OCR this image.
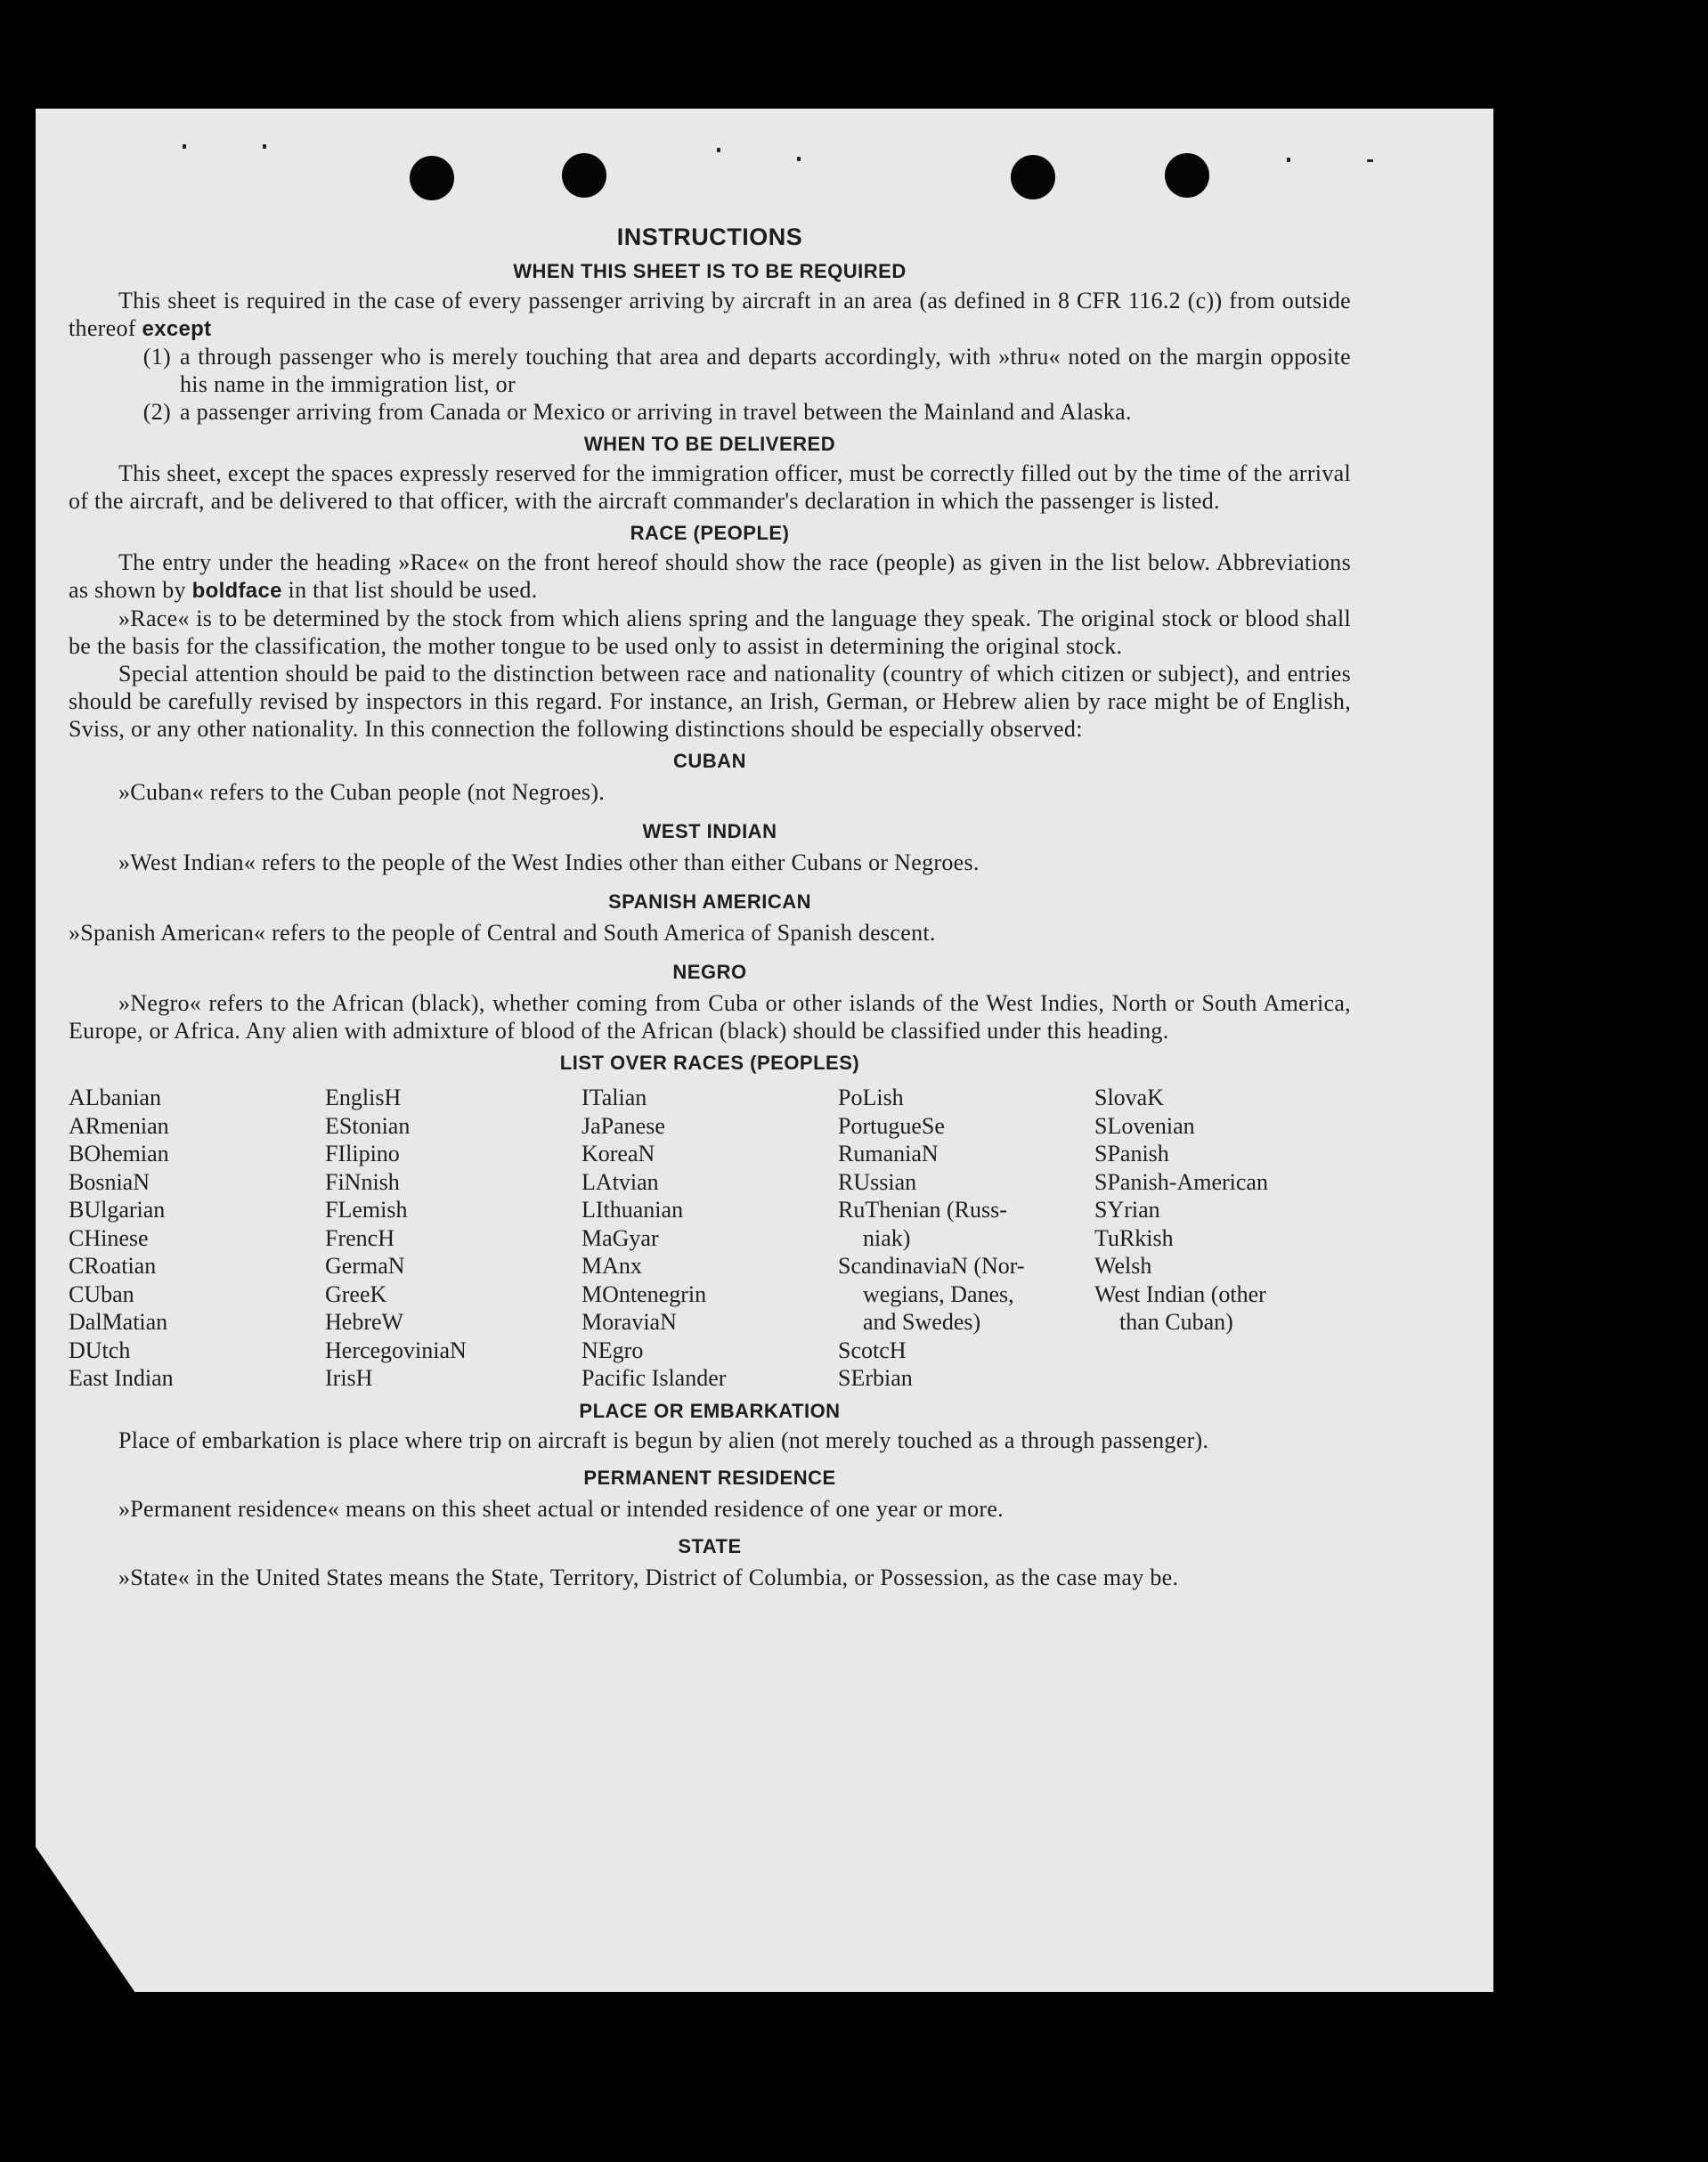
INSTRUCTIONS
WHEN THIS SHEET IS TO BE REQUIRED

This sheet is required in the case of every passenger arriving by aircraft in an area (as defined in 8 CFR 116.2 (c)) from outside thereof except

(1) a through passenger who is merely touching that area and departs accordingly, with »thru« noted on the margin opposite his name in the immigration list, or
(2) a passenger arriving from Canada or Mexico or arriving in travel between the Mainland and Alaska.
WHEN TO BE DELIVERED

This sheet, except the spaces expressly reserved for the immigration officer, must be correctly filled out by the time of the arrival of the aircraft, and be delivered to that officer, with the aircraft commander's declaration in which the passenger is listed.

RACE (PEOPLE)

The entry under the heading »Race« on the front hereof should show the race (people) as given in the list below. Abbreviations as shown by boldface in that list should be used.

»Race« is to be determined by the stock from which aliens spring and the language they speak. The original stock or blood shall be the basis for the classification, the mother tongue to be used only to assist in determining the original stock.

Special attention should be paid to the distinction between race and nationality (country of which citizen or subject), and entries should be carefully revised by inspectors in this regard. For instance, an Irish, German, or Hebrew alien by race might be of English, Sviss, or any other nationality. In this connection the following distinctions should be especially observed:

CUBAN

»Cuban« refers to the Cuban people (not Negroes).

WEST INDIAN

»West Indian« refers to the people of the West Indies other than either Cubans or Negroes.

SPANISH AMERICAN

»Spanish American« refers to the people of Central and South America of Spanish descent.

NEGRO

»Negro« refers to the African (black), whether coming from Cuba or other islands of the West Indies, North or South America, Europe, or Africa. Any alien with admixture of blood of the African (black) should be classified under this heading.

LIST OVER RACES (PEOPLES)
ALbanian
ARmenian
BOhemian
BosniaN
BUlgarian
CHinese
CRoatian
CUban
DalMatian
DUtch
East Indian
EnglisH
EStonian
FIlipino
FiNnish
FLemish
FrencH
GermaN
GreeK
HebreW
HercegoviniaN
IrisH
ITalian
JaPanese
KoreaN
LAtvian
LIthuanian
MaGyar
MAnx
MOntenegrin
MoraviaN
NEgro
Pacific Islander
PoLish
PortugueSe
RumaniaN
RUssian
RuThenian (Russ-
niak)
ScandinaviaN (Nor-
wegians, Danes,
and Swedes)
ScotcH
SErbian
SlovaK
SLovenian
SPanish
SPanish-American
SYrian
TuRkish
Welsh
West Indian (other
than Cuban)
PLACE OR EMBARKATION

Place of embarkation is place where trip on aircraft is begun by alien (not merely touched as a through passenger).

PERMANENT RESIDENCE

»Permanent residence« means on this sheet actual or intended residence of one year or more.

STATE

»State« in the United States means the State, Territory, District of Columbia, or Possession, as the case may be.
